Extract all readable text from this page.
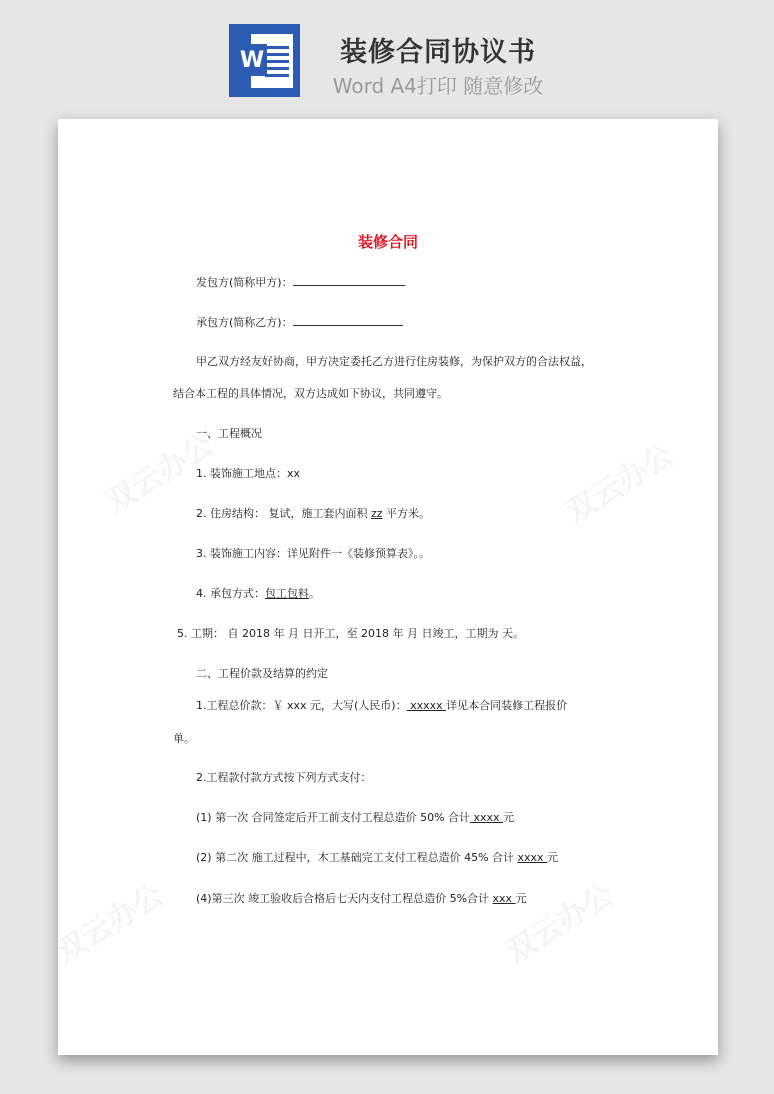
W	装修合同协议书
Word A4打印 随意修改
装修合同
发包方(简称甲方)：
承包方(简称乙方)：
甲乙双方经友好协商，甲方决定委托乙方进行住房装修，为保护双方的合法权益，
结合本工程的具体情况，双方达成如下协议，共同遵守。
一、工程概况
1. 装饰施工地点：xx
2. 住房结构： 复试，施工套内面积 zz 平方米。
3. 装饰施工内容：详见附件一《装修预算表》。。
4. 承包方式：包工包料。
5. 工期： 自 2018 年 月 日开工，至 2018 年 月 日竣工，工期为 天。
二、工程价款及结算的约定
1.工程总价款：￥ xxx 元，大写(人民币)： xxxxx 详见本合同装修工程报价
单。
2.工程款付款方式按下列方式支付：
(1) 第一次 合同签定后开工前支付工程总造价 50% 合计 xxxx 元
(2) 第二次 施工过程中，木工基础完工支付工程总造价 45% 合计 xxxx 元
(4)第三次 竣工验收后合格后七天内支付工程总造价 5%合计 xxx 元
